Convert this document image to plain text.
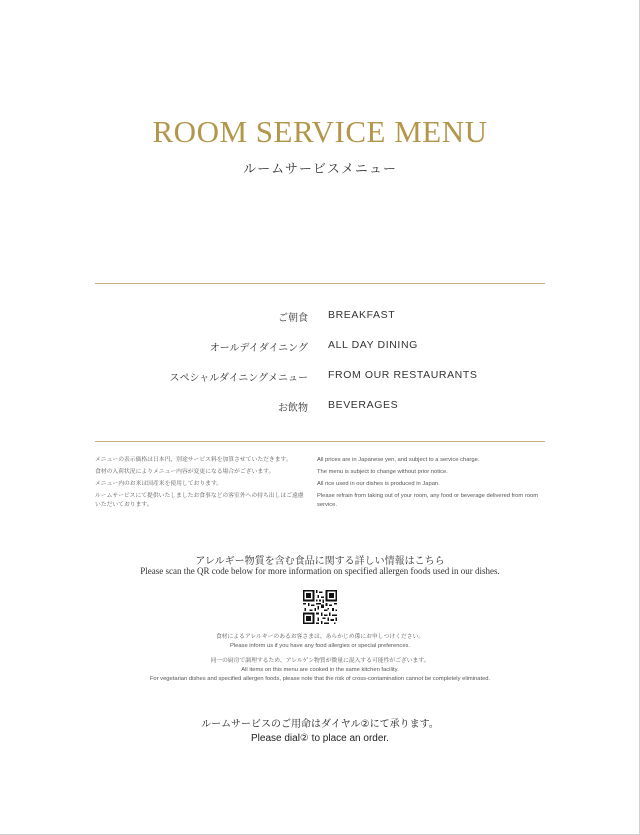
ROOM SERVICE MENU
ルームサービスメニュー
ご朝食 BREAKFAST
オールデイダイニング ALL DAY DINING
スペシャルダイニングメニュー FROM OUR RESTAURANTS
お飲物 BEVERAGES

メニューの表示価格は日本円、別途サービス料を加算させていただきます。

食材の入荷状況によりメニュー内容が変更になる場合がございます。

メニュー内のお米は国産米を使用しております。

ルームサービスにて提供いたしましたお食事などの客室外への持ち出しはご遠慮いただいております。

All prices are in Japanese yen, and subject to a service charge.

The menu is subject to change without prior notice.

All rice used in our dishes is produced in Japan.

Please refrain from taking out of your room, any food or beverage delivered from room service.

アレルギー物質を含む食品に関する詳しい情報はこちら
Please scan the QR code below for more information on specified allergen foods used in our dishes.

食材によるアレルギーのあるお客さまは、あらかじめ係にお申しつけください。

Please inform us if you have any food allergies or special preferences.

同一の厨房で調理するため、アレルゲン物質が微量に混入する可能性がございます。

All items on this menu are cooked in the same kitchen facility.

For vegetarian dishes and specified allergen foods, please note that the risk of cross-contamination cannot be completely eliminated.

ルームサービスのご用命はダイヤル②にて承ります。
Please dial② to place an order.
